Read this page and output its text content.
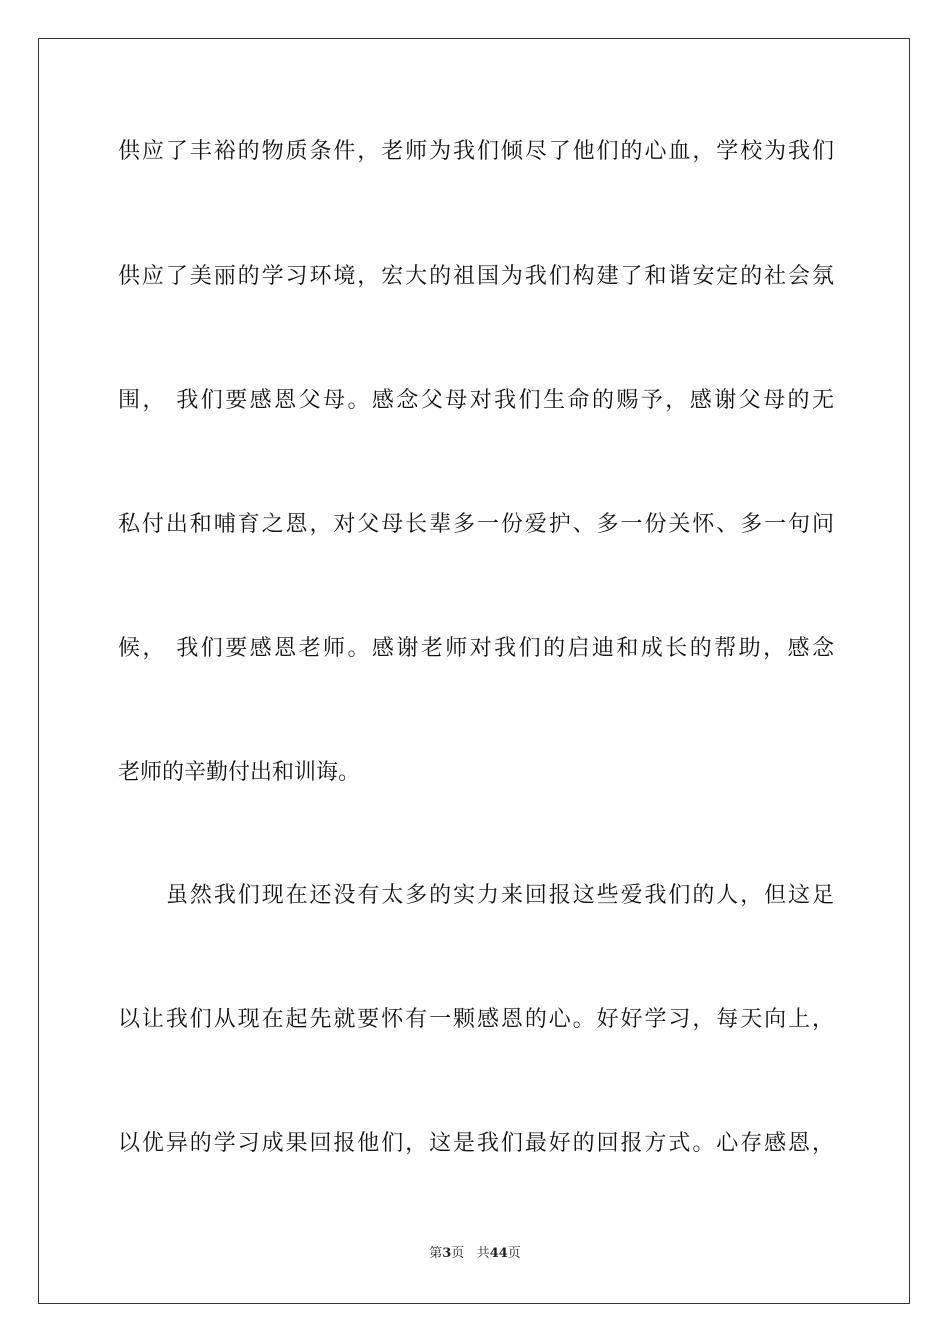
供应了丰裕的物质条件，老师为我们倾尽了他们的心血，学校为我们
供应了美丽的学习环境，宏大的祖国为我们构建了和谐安定的社会氛
围， 我们要感恩父母。感念父母对我们生命的赐予，感谢父母的无
私付出和哺育之恩，对父母长辈多一份爱护、多一份关怀、多一句问
候， 我们要感恩老师。感谢老师对我们的启迪和成长的帮助，感念
老师的辛勤付出和训诲。
虽然我们现在还没有太多的实力来回报这些爱我们的人，但这足
以让我们从现在起先就要怀有一颗感恩的心。好好学习，每天向上，
以优异的学习成果回报他们，这是我们最好的回报方式。心存感恩，
第3页 共44页
